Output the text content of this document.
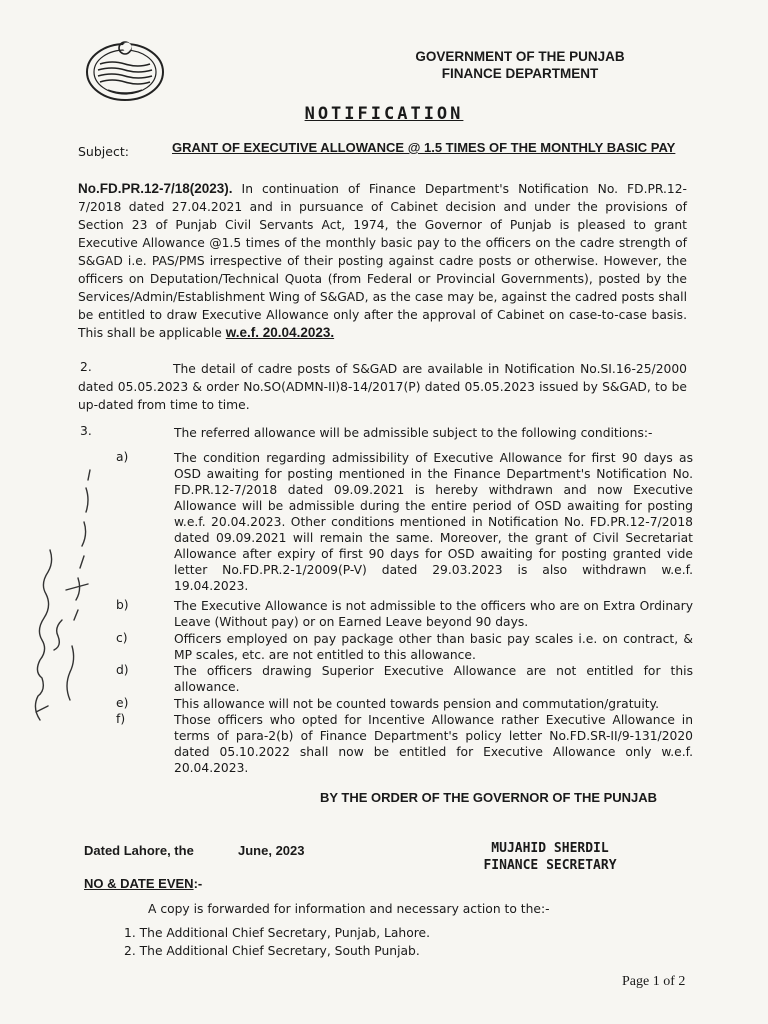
GOVERNMENT OF THE PUNJAB
FINANCE DEPARTMENT
NOTIFICATION
Subject:	GRANT OF EXECUTIVE ALLOWANCE @ 1.5 TIMES OF THE MONTHLY BASIC PAY
No.FD.PR.12-7/18(2023). In continuation of Finance Department's Notification No. FD.PR.12-7/2018 dated 27.04.2021 and in pursuance of Cabinet decision and under the provisions of Section 23 of Punjab Civil Servants Act, 1974, the Governor of Punjab is pleased to grant Executive Allowance @1.5 times of the monthly basic pay to the officers on the cadre strength of S&GAD i.e. PAS/PMS irrespective of their posting against cadre posts or otherwise. However, the officers on Deputation/Technical Quota (from Federal or Provincial Governments), posted by the Services/Admin/Establishment Wing of S&GAD, as the case may be, against the cadred posts shall be entitled to draw Executive Allowance only after the approval of Cabinet on case-to-case basis. This shall be applicable w.e.f. 20.04.2023.
2.	The detail of cadre posts of S&GAD are available in Notification No.SI.16-25/2000 dated 05.05.2023 & order No.SO(ADMN-II)8-14/2017(P) dated 05.05.2023 issued by S&GAD, to be up-dated from time to time.
3.	The referred allowance will be admissible subject to the following conditions:-
a)	The condition regarding admissibility of Executive Allowance for first 90 days as OSD awaiting for posting mentioned in the Finance Department's Notification No. FD.PR.12-7/2018 dated 09.09.2021 is hereby withdrawn and now Executive Allowance will be admissible during the entire period of OSD awaiting for posting w.e.f. 20.04.2023. Other conditions mentioned in Notification No. FD.PR.12-7/2018 dated 09.09.2021 will remain the same. Moreover, the grant of Civil Secretariat Allowance after expiry of first 90 days for OSD awaiting for posting granted vide letter No.FD.PR.2-1/2009(P-V) dated 29.03.2023 is also withdrawn w.e.f. 19.04.2023.
b)	The Executive Allowance is not admissible to the officers who are on Extra Ordinary Leave (Without pay) or on Earned Leave beyond 90 days.
c)	Officers employed on pay package other than basic pay scales i.e. on contract, & MP scales, etc. are not entitled to this allowance.
d)	The officers drawing Superior Executive Allowance are not entitled for this allowance.
e)	This allowance will not be counted towards pension and commutation/gratuity.
f)	Those officers who opted for Incentive Allowance rather Executive Allowance in terms of para-2(b) of Finance Department's policy letter No.FD.SR-II/9-131/2020 dated 05.10.2022 shall now be entitled for Executive Allowance only w.e.f. 20.04.2023.
BY THE ORDER OF THE GOVERNOR OF THE PUNJAB
Dated Lahore, the	June, 2023	MUJAHID SHERDIL
FINANCE SECRETARY
NO & DATE EVEN:-
A copy is forwarded for information and necessary action to the:-
1. The Additional Chief Secretary, Punjab, Lahore.
2. The Additional Chief Secretary, South Punjab.
Page 1 of 2
